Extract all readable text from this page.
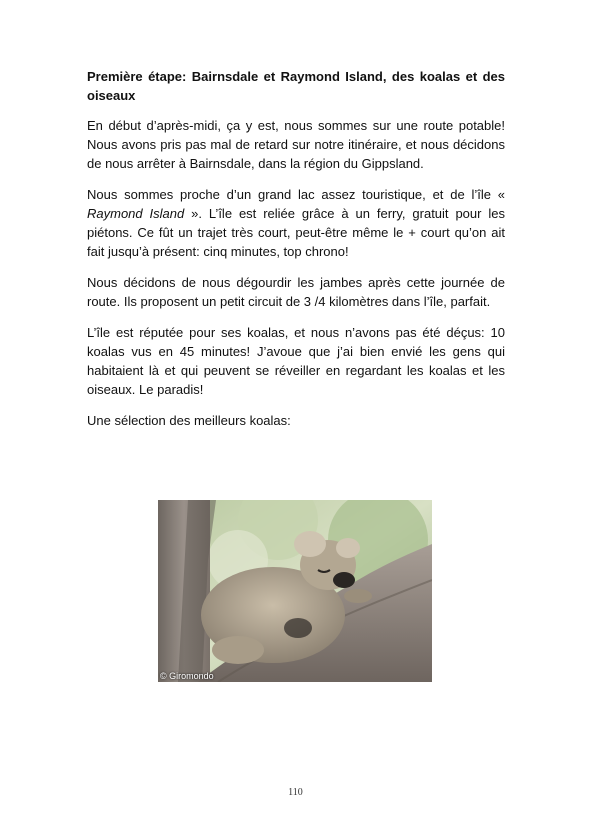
Première étape: Bairnsdale et Raymond Island, des koalas et des oiseaux

En début d’après-midi, ça y est, nous sommes sur une route potable! Nous avons pris pas mal de retard sur notre itinéraire, et nous décidons de nous arrêter à Bairnsdale, dans la région du Gippsland.

Nous sommes proche d’un grand lac assez touristique, et de l’île « Raymond Island ». L’île est reliée grâce à un ferry, gratuit pour les piétons. Ce fût un trajet très court, peut-être même le + court qu’on ait fait jusqu’à présent: cinq minutes, top chrono!

Nous décidons de nous dégourdir les jambes après cette journée de route. Ils proposent un petit circuit de 3 /4 kilomètres dans l’île, parfait.

L’île est réputée pour ses koalas, et nous n’avons pas été déçus: 10 koalas vus en 45 minutes! J’avoue que j’ai bien envié les gens qui habitaient là et qui peuvent se réveiller en regardant les koalas et les oiseaux. Le paradis!

Une sélection des meilleurs koalas:

© Giromondo
110
